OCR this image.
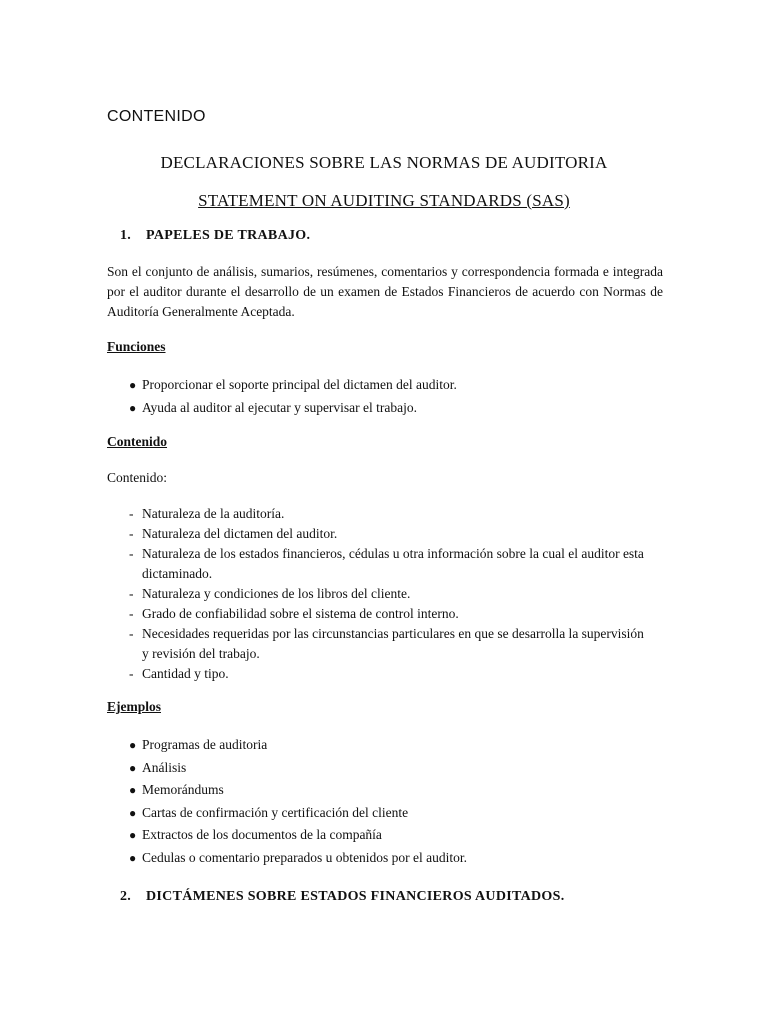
CONTENIDO
DECLARACIONES SOBRE LAS NORMAS DE AUDITORIA
STATEMENT ON AUDITING STANDARDS (SAS)
1. PAPELES DE TRABAJO.
Son el conjunto de análisis, sumarios, resúmenes, comentarios y correspondencia formada e integrada por el auditor durante el desarrollo de un examen de Estados Financieros de acuerdo con Normas de Auditoría Generalmente Aceptada.
Funciones
● Proporcionar el soporte principal del dictamen del auditor.
● Ayuda al auditor al ejecutar y supervisar el trabajo.
Contenido
Contenido:
- Naturaleza de la auditoría.
- Naturaleza del dictamen del auditor.
- Naturaleza de los estados financieros, cédulas u otra información sobre la cual el auditor esta dictaminado.
- Naturaleza y condiciones de los libros del cliente.
- Grado de confiabilidad sobre el sistema de control interno.
- Necesidades requeridas por las circunstancias particulares en que se desarrolla la supervisión y revisión del trabajo.
- Cantidad y tipo.
Ejemplos
● Programas de auditoria
● Análisis
● Memorándums
● Cartas de confirmación y certificación del cliente
● Extractos de los documentos de la compañía
● Cedulas o comentario preparados u obtenidos por el auditor.
2. DICTÁMENES SOBRE ESTADOS FINANCIEROS AUDITADOS.
